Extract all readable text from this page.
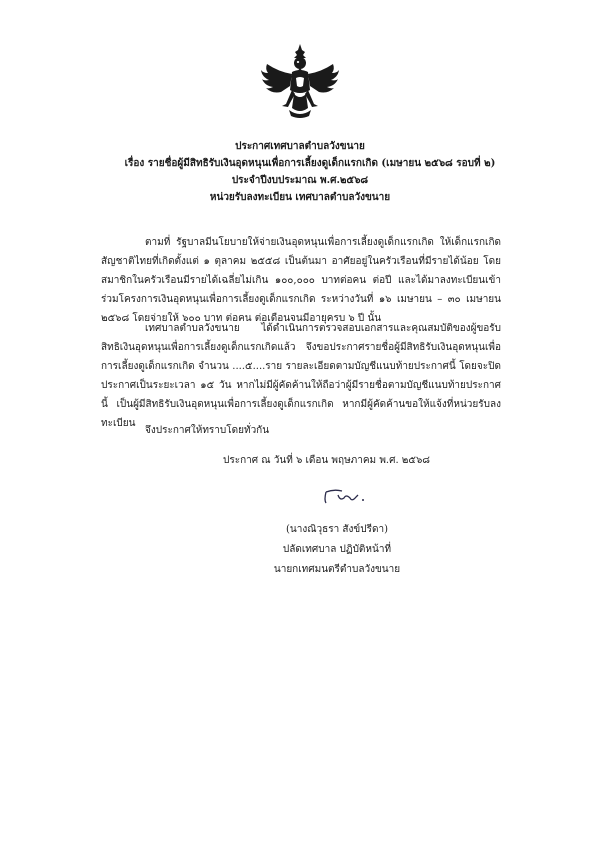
ประกาศเทศบาลตำบลวังขนาย
เรื่อง รายชื่อผู้มีสิทธิรับเงินอุดหนุนเพื่อการเลี้ยงดูเด็กแรกเกิด (เมษายน ๒๕๖๘ รอบที่ ๒)
ประจำปีงบประมาณ พ.ศ.๒๕๖๘
หน่วยรับลงทะเบียน เทศบาลตำบลวังขนาย
ตามที่ รัฐบาลมีนโยบายให้จ่ายเงินอุดหนุนเพื่อการเลี้ยงดูเด็กแรกเกิด ให้เด็กแรกเกิดสัญชาติไทยที่เกิดตั้งแต่ ๑ ตุลาคม ๒๕๕๘ เป็นต้นมา อาศัยอยู่ในครัวเรือนที่มีรายได้น้อย โดยสมาชิกในครัวเรือนมีรายได้เฉลี่ยไม่เกิน ๑๐๐,๐๐๐ บาทต่อคน ต่อปี และได้มาลงทะเบียนเข้าร่วมโครงการเงินอุดหนุนเพื่อการเลี้ยงดูเด็กแรกเกิด ระหว่างวันที่ ๑๖ เมษายน – ๓๐ เมษายน ๒๕๖๘ โดยจ่ายให้ ๖๐๐ บาท ต่อคน ต่อเดือนจนมีอายุครบ ๖ ปี นั้น
เทศบาลตำบลวังขนาย ได้ดำเนินการตรวจสอบเอกสารและคุณสมบัติของผู้ขอรับสิทธิเงินอุดหนุนเพื่อการเลี้ยงดูเด็กแรกเกิดแล้ว จึงขอประกาศรายชื่อผู้มีสิทธิรับเงินอุดหนุนเพื่อการเลี้ยงดูเด็กแรกเกิด จำนวน ....๕....ราย รายละเอียดตามบัญชีแนบท้ายประกาศนี้ โดยจะปิดประกาศเป็นระยะเวลา ๑๕ วัน หากไม่มีผู้คัดค้านให้ถือว่าผู้มีรายชื่อตามบัญชีแนบท้ายประกาศนี้ เป็นผู้มีสิทธิรับเงินอุดหนุนเพื่อการเลี้ยงดูเด็กแรกเกิด หากมีผู้คัดค้านขอให้แจ้งที่หน่วยรับลงทะเบียน
จึงประกาศให้ทราบโดยทั่วกัน
ประกาศ ณ วันที่ ๖ เดือน พฤษภาคม พ.ศ. ๒๕๖๘
(นางณิวุธรา สังข์ปรีดา)
ปลัดเทศบาล ปฏิบัติหน้าที่
นายกเทศมนตรีตำบลวังขนาย
